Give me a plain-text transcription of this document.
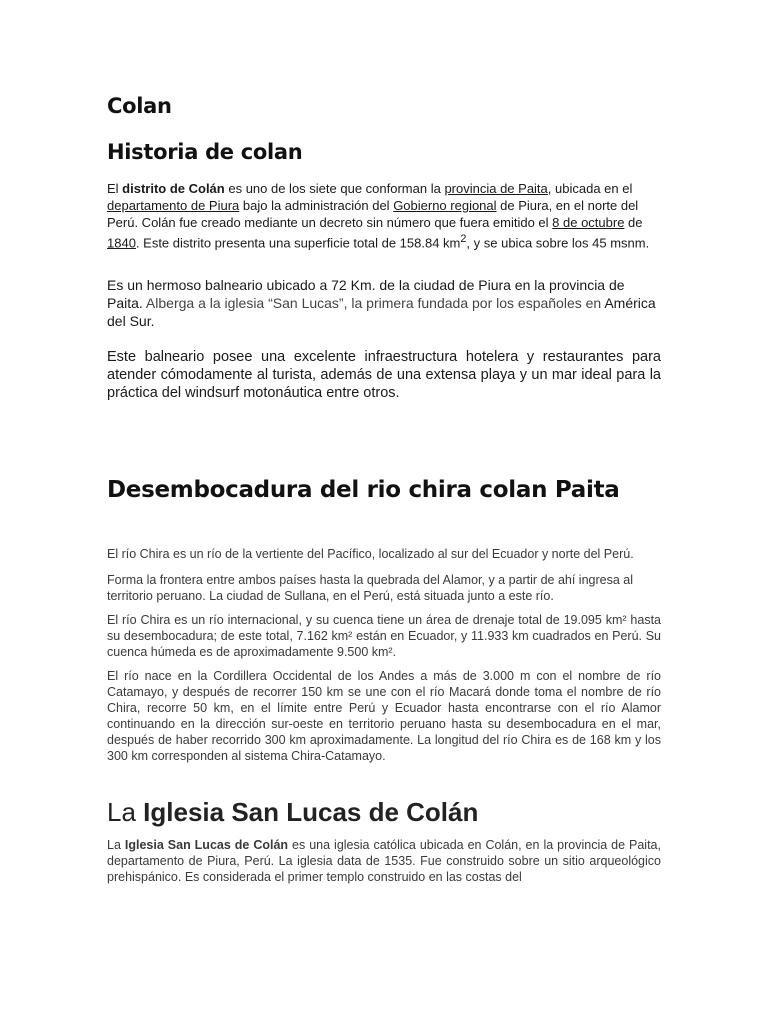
Colan
Historia de colan

El distrito de Colán es uno de los siete que conforman la provincia de Paita, ubicada en el departamento de Piura bajo la administración del Gobierno regional de Piura, en el norte del Perú. Colán fue creado mediante un decreto sin número que fuera emitido el 8 de octubre de 1840. Este distrito presenta una superficie total de 158.84 $km^2$, y se ubica sobre los 45 msnm.

Es un hermoso balneario ubicado a 72 Km. de la ciudad de Piura en la provincia de Paita. Alberga a la iglesia “San Lucas”, la primera fundada por los españoles en América del Sur.

Este balneario posee una excelente infraestructura hotelera y restaurantes para atender cómodamente al turista, además de una extensa playa y un mar ideal para la práctica del windsurf motonáutica entre otros.

Desembocadura del rio chira colan Paita

El río Chira es un río de la vertiente del Pacífico, localizado al sur del Ecuador y norte del Perú.

Forma la frontera entre ambos países hasta la quebrada del Alamor, y a partir de ahí ingresa al territorio peruano. La ciudad de Sullana, en el Perú, está situada junto a este río.

El río Chira es un río internacional, y su cuenca tiene un área de drenaje total de 19.095 km² hasta su desembocadura; de este total, 7.162 km² están en Ecuador, y 11.933 km cuadrados en Perú. Su cuenca húmeda es de aproximadamente 9.500 km².

El río nace en la Cordillera Occidental de los Andes a más de 3.000 m con el nombre de río Catamayo, y después de recorrer 150 km se une con el río Macará donde toma el nombre de río Chira, recorre 50 km, en el límite entre Perú y Ecuador hasta encontrarse con el río Alamor continuando en la dirección sur-oeste en territorio peruano hasta su desembocadura en el mar, después de haber recorrido 300 km aproximadamente. La longitud del río Chira es de 168 km y los 300 km corresponden al sistema Chira-Catamayo.

La Iglesia San Lucas de Colán

La Iglesia San Lucas de Colán es una iglesia católica ubicada en Colán, en la provincia de Paita, departamento de Piura, Perú. La iglesia data de 1535. Fue construido sobre un sitio arqueológico prehispánico. Es considerada el primer templo construido en las costas del
